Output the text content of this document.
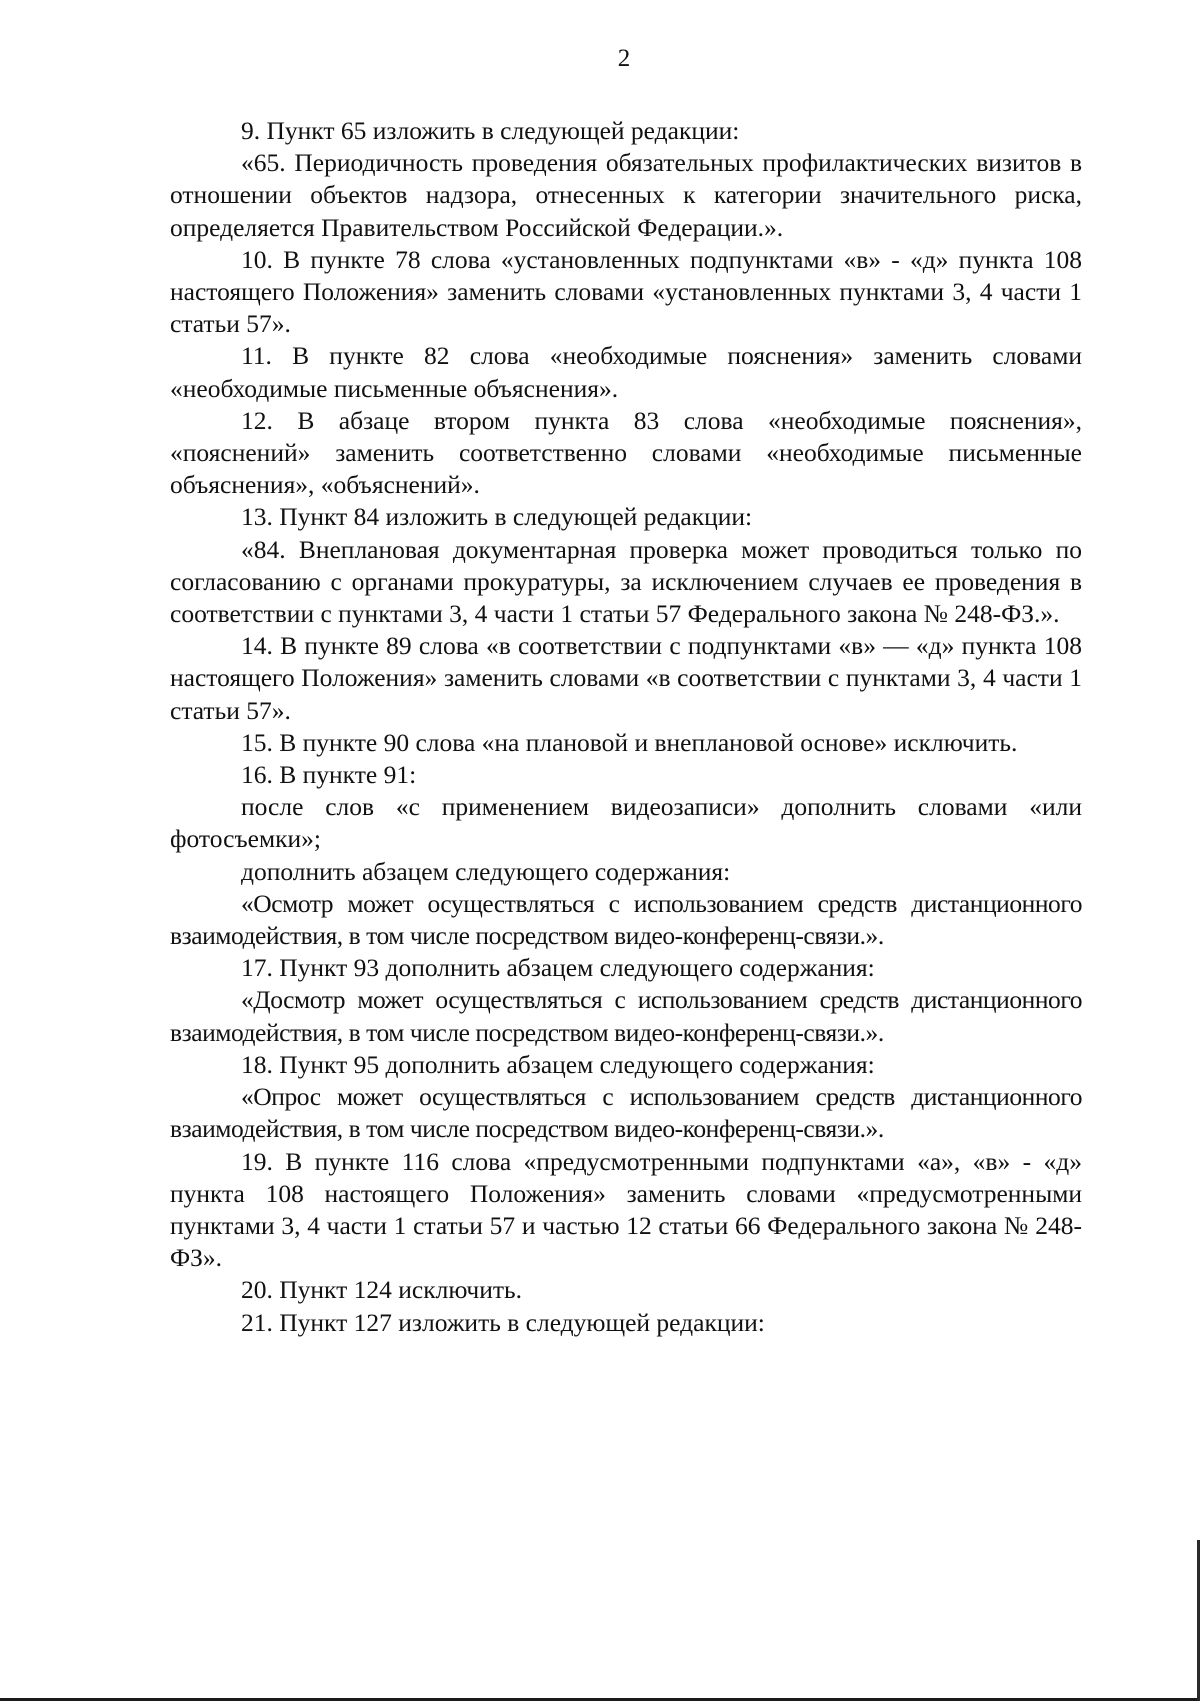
2

9. Пункт 65 изложить в следующей редакции:

«65. Периодичность проведения обязательных профилактических визитов в отношении объектов надзора, отнесенных к категории значительного риска, определяется Правительством Российской Федерации.».

10. В пункте 78 слова «установленных подпунктами «в» - «д» пункта 108 настоящего Положения» заменить словами «установленных пунктами 3, 4 части 1 статьи 57».

11. В пункте 82 слова «необходимые пояснения» заменить словами «необходимые письменные объяснения».

12. В абзаце втором пункта 83 слова «необходимые пояснения», «пояснений» заменить соответственно словами «необходимые письменные объяснения», «объяснений».

13. Пункт 84 изложить в следующей редакции:

«84. Внеплановая документарная проверка может проводиться только по согласованию с органами прокуратуры, за исключением случаев ее проведения в соответствии с пунктами 3, 4 части 1 статьи 57 Федерального закона № 248-ФЗ.».

14. В пункте 89 слова «в соответствии с подпунктами «в» — «д» пункта 108 настоящего Положения» заменить словами «в соответствии с пунктами 3, 4 части 1 статьи 57».

15. В пункте 90 слова «на плановой и внеплановой основе» исключить.

16. В пункте 91:

после слов «с применением видеозаписи» дополнить словами «или фотосъемки»;

дополнить абзацем следующего содержания:

«Осмотр может осуществляться с использованием средств дистанционного взаимодействия, в том числе посредством видео-конференц-связи.».

17. Пункт 93 дополнить абзацем следующего содержания:

«Досмотр может осуществляться с использованием средств дистанционного взаимодействия, в том числе посредством видео-конференц-связи.».

18. Пункт 95 дополнить абзацем следующего содержания:

«Опрос может осуществляться с использованием средств дистанционного взаимодействия, в том числе посредством видео-конференц-связи.».

19. В пункте 116 слова «предусмотренными подпунктами «а», «в» - «д» пункта 108 настоящего Положения» заменить словами «предусмотренными пунктами 3, 4 части 1 статьи 57 и частью 12 статьи 66 Федерального закона № 248-ФЗ».

20. Пункт 124 исключить.

21. Пункт 127 изложить в следующей редакции:
